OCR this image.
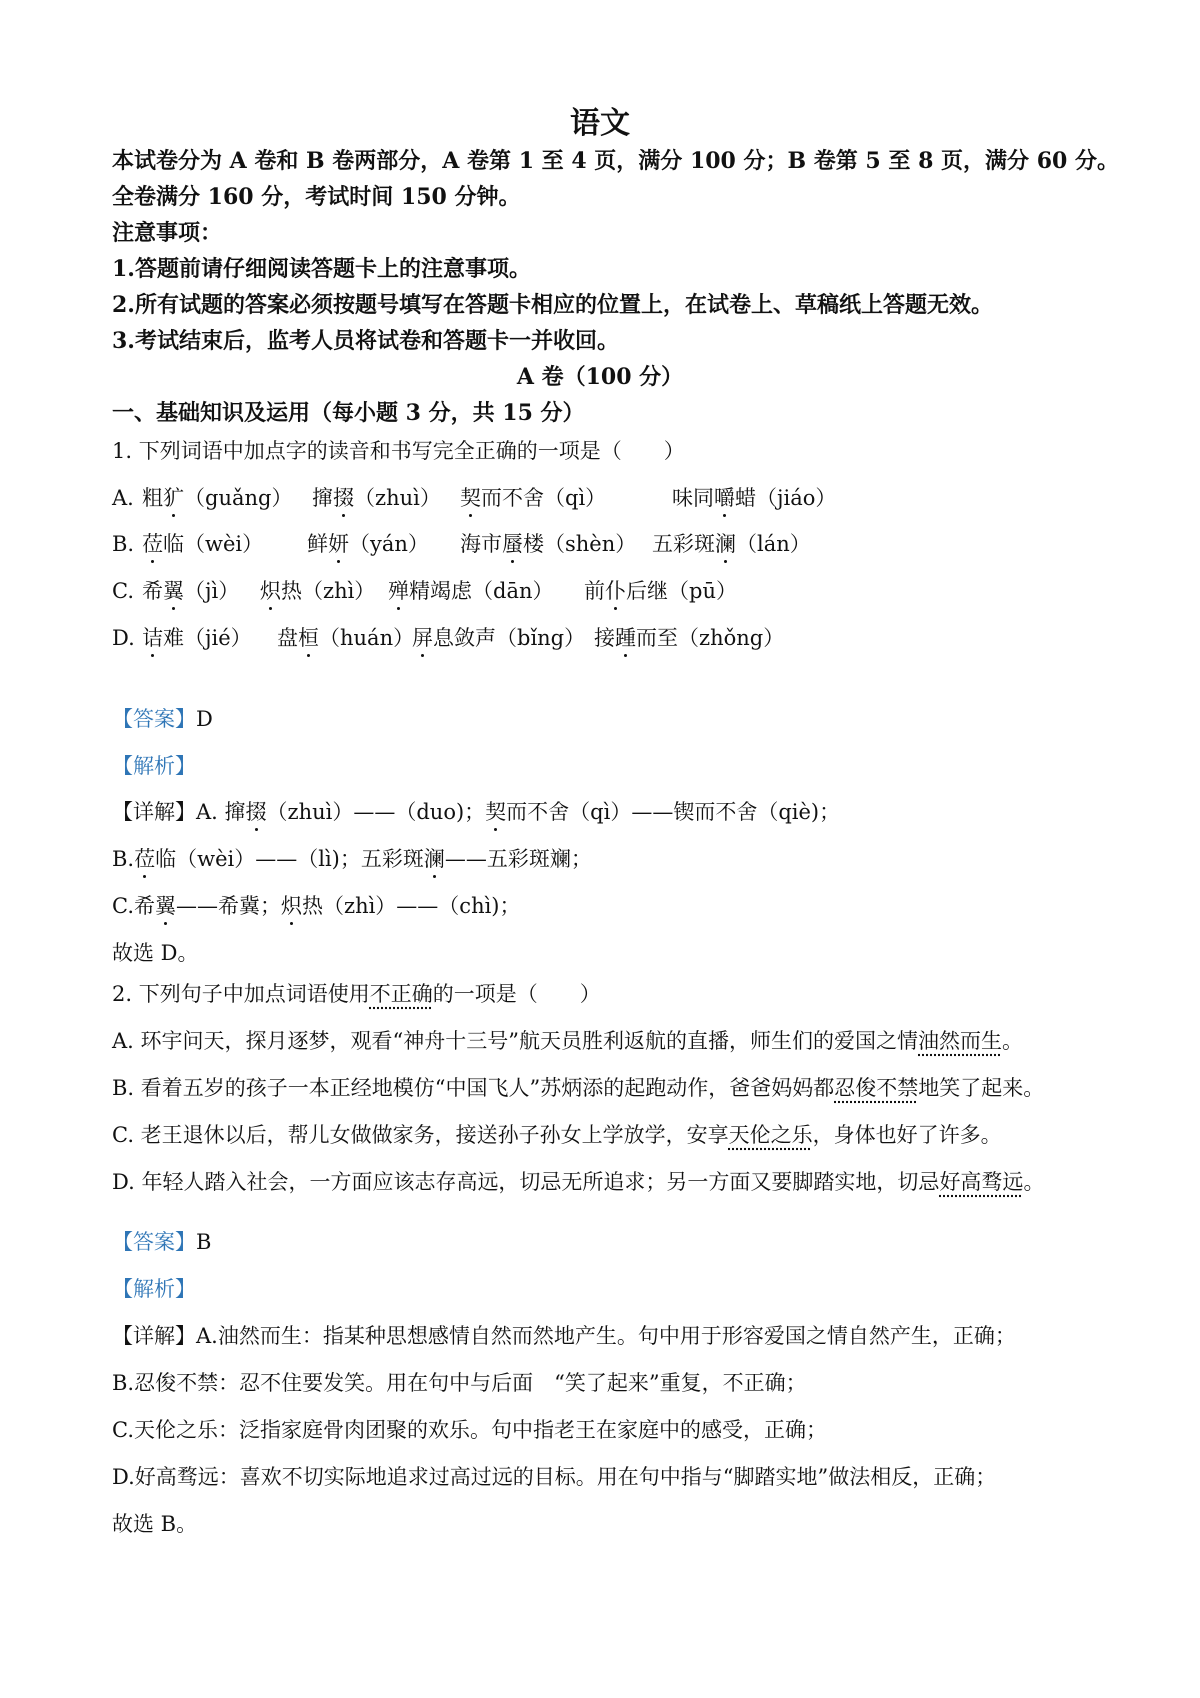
语文
本试卷分为 A 卷和 B 卷两部分，A 卷第 1 至 4 页，满分 100 分；B 卷第 5 至 8 页，满分 60 分。
全卷满分 160 分，考试时间 150 分钟。
注意事项：
1.答题前请仔细阅读答题卡上的注意事项。
2.所有试题的答案必须按题号填写在答题卡相应的位置上，在试卷上、草稿纸上答题无效。
3.考试结束后，监考人员将试卷和答题卡一并收回。
A 卷（100 分）
一、基础知识及运用（每小题 3 分，共 15 分）
1. 下列词语中加点字的读音和书写完全正确的一项是（　　）
A. 粗犷（guǎng） 撺掇（zhuì） 契而不舍（qì）	味同嚼蜡（jiáo）
B. 莅临（wèi） 鲜妍（yán） 海市蜃楼（shèn） 五彩斑澜（lán）
C. 希翼（jì） 炽热（zhì） 殚精竭虑（dān） 前仆后继（pū）
D. 诘难（jié） 盘桓（huán）
屏息敛声（bǐng） 接踵而至（zhǒng）
【答案】D
【解析】
【详解】A. 撺掇（zhuì）——（duo)；契而不舍（qì）——锲而不舍（qiè)；
B.莅临（wèi）——（lì)；五彩斑澜——五彩斑斓；
C.希翼——希冀；炽热（zhì）——（chì)；
故选 D。
2. 下列句子中加点词语使用不正确的一项是（　　）
A. 环宇问天，探月逐梦，观看“神舟十三号”航天员胜利返航的直播，师生们的爱国之情油然而生。
B. 看着五岁的孩子一本正经地模仿“中国飞人”苏炳添的起跑动作，爸爸妈妈都忍俊不禁地笑了起来。
C. 老王退休以后，帮儿女做做家务，接送孙子孙女上学放学，安享天伦之乐，身体也好了许多。
D. 年轻人踏入社会，一方面应该志存高远，切忌无所追求；另一方面又要脚踏实地，切忌好高骛远。
【答案】B
【解析】
【详解】A.油然而生：指某种思想感情自然而然地产生。句中用于形容爱国之情自然产生，正确；
B.忍俊不禁：忍不住要发笑。用在句中与后面　“笑了起来”重复，不正确；
C.天伦之乐：泛指家庭骨肉团聚的欢乐。句中指老王在家庭中的感受，正确；
D.好高骛远：喜欢不切实际地追求过高过远的目标。用在句中指与“脚踏实地”做法相反，正确；
故选 B。
